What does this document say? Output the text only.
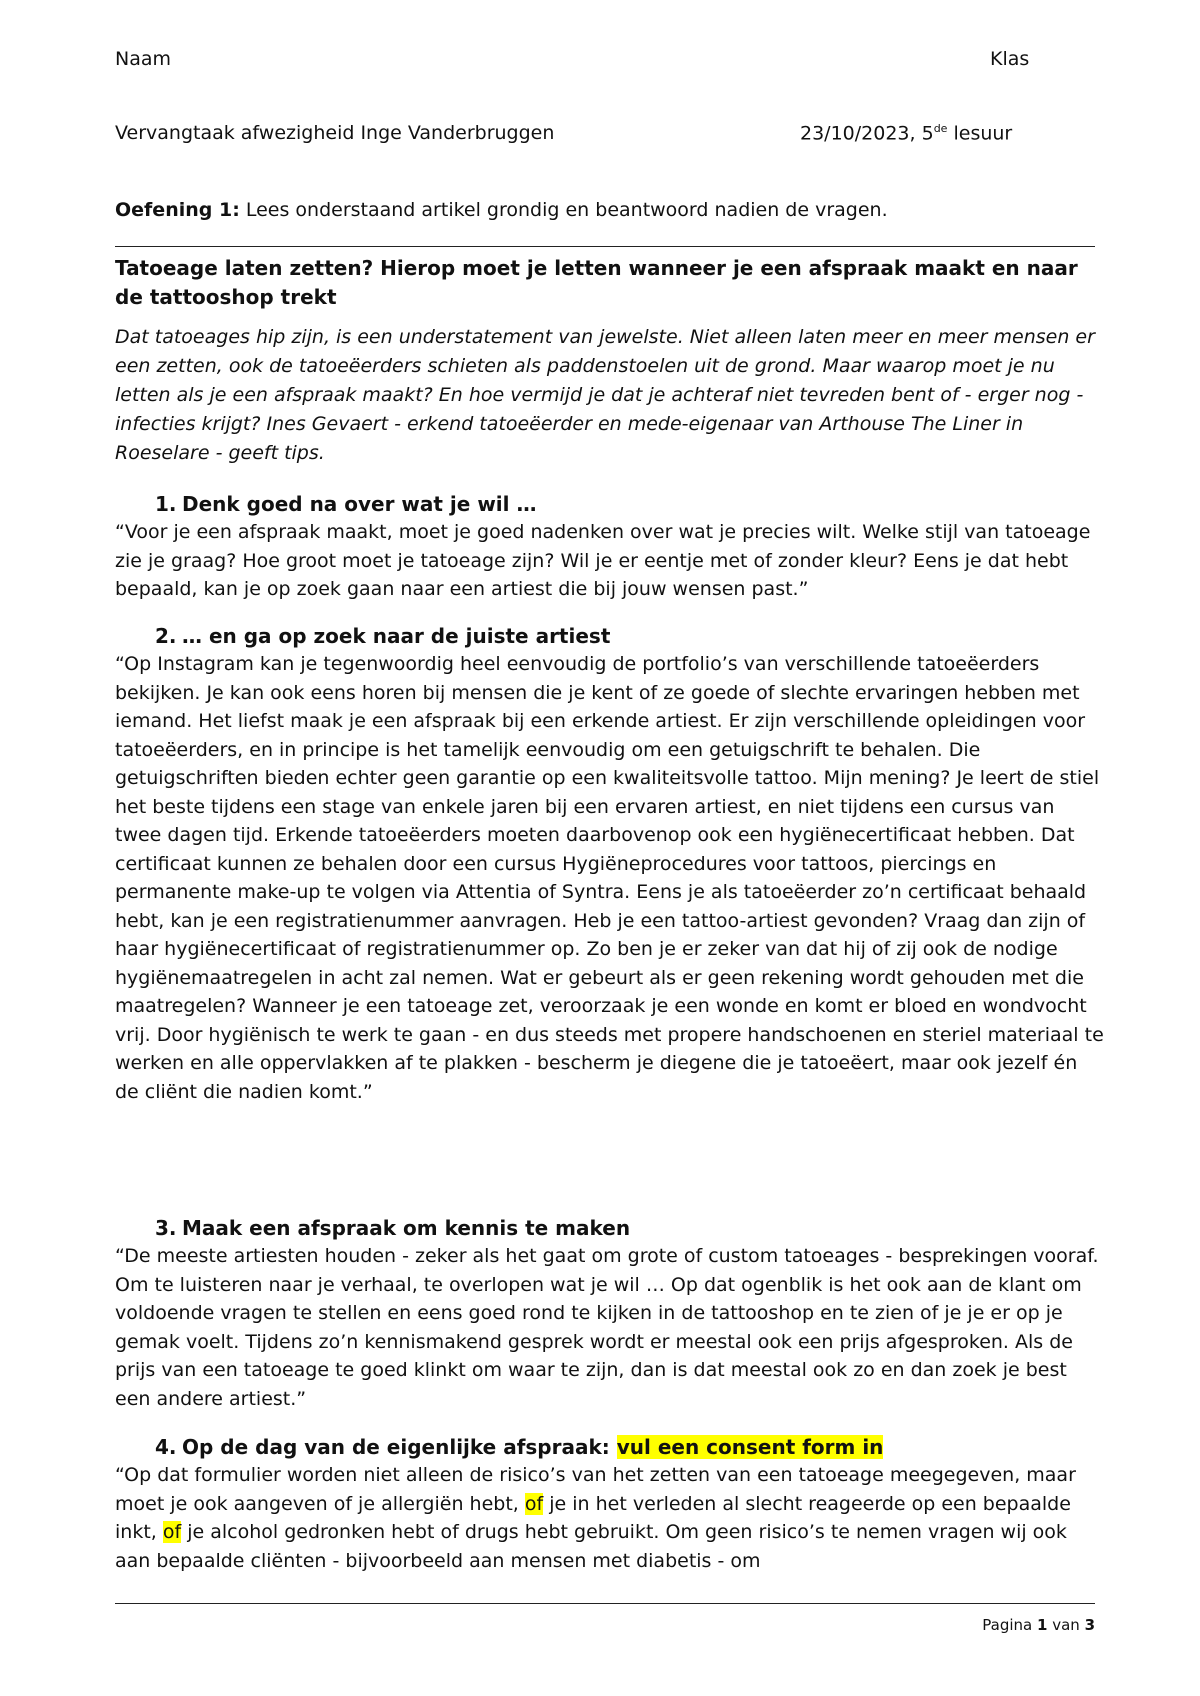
Naam	Klas
Vervangtaak afwezigheid Inge Vanderbruggen	23/10/2023, 5de lesuur
Oefening 1: Lees onderstaand artikel grondig en beantwoord nadien de vragen.
Tatoeage laten zetten? Hierop moet je letten wanneer je een afspraak maakt en naar de tattooshop trekt
Dat tatoeages hip zijn, is een understatement van jewelste. Niet alleen laten meer en meer mensen er een zetten, ook de tatoeëerders schieten als paddenstoelen uit de grond. Maar waarop moet je nu letten als je een afspraak maakt? En hoe vermijd je dat je achteraf niet tevreden bent of - erger nog - infecties krijgt? Ines Gevaert - erkend tatoeëerder en mede-eigenaar van Arthouse The Liner in Roeselare - geeft tips.
1. Denk goed na over wat je wil …

“Voor je een afspraak maakt, moet je goed nadenken over wat je precies wilt. Welke stijl van tatoeage zie je graag? Hoe groot moet je tatoeage zijn? Wil je er eentje met of zonder kleur? Eens je dat hebt bepaald, kan je op zoek gaan naar een artiest die bij jouw wensen past.”

2. … en ga op zoek naar de juiste artiest

“Op Instagram kan je tegenwoordig heel eenvoudig de portfolio’s van verschillende tatoeëerders bekijken. Je kan ook eens horen bij mensen die je kent of ze goede of slechte ervaringen hebben met iemand. Het liefst maak je een afspraak bij een erkende artiest. Er zijn verschillende opleidingen voor tatoeëerders, en in principe is het tamelijk eenvoudig om een getuigschrift te behalen. Die getuigschriften bieden echter geen garantie op een kwaliteitsvolle tattoo. Mijn mening? Je leert de stiel het beste tijdens een stage van enkele jaren bij een ervaren artiest, en niet tijdens een cursus van twee dagen tijd. Erkende tatoeëerders moeten daarbovenop ook een hygiënecertificaat hebben. Dat certificaat kunnen ze behalen door een cursus Hygiëneprocedures voor tattoos, piercings en permanente make-up te volgen via Attentia of Syntra. Eens je als tatoeëerder zo’n certificaat behaald hebt, kan je een registratienummer aanvragen. Heb je een tattoo-artiest gevonden? Vraag dan zijn of haar hygiënecertificaat of registratienummer op. Zo ben je er zeker van dat hij of zij ook de nodige hygiënemaatregelen in acht zal nemen. Wat er gebeurt als er geen rekening wordt gehouden met die maatregelen? Wanneer je een tatoeage zet, veroorzaak je een wonde en komt er bloed en wondvocht vrij. Door hygiënisch te werk te gaan - en dus steeds met propere handschoenen en steriel materiaal te werken en alle oppervlakken af te plakken - bescherm je diegene die je tatoeëert, maar ook jezelf én de cliënt die nadien komt.”

3. Maak een afspraak om kennis te maken

“De meeste artiesten houden - zeker als het gaat om grote of custom tatoeages - besprekingen vooraf. Om te luisteren naar je verhaal, te overlopen wat je wil … Op dat ogenblik is het ook aan de klant om voldoende vragen te stellen en eens goed rond te kijken in de tattooshop en te zien of je je er op je gemak voelt. Tijdens zo’n kennismakend gesprek wordt er meestal ook een prijs afgesproken. Als de prijs van een tatoeage te goed klinkt om waar te zijn, dan is dat meestal ook zo en dan zoek je best een andere artiest.”

4. Op de dag van de eigenlijke afspraak: vul een consent form in

“Op dat formulier worden niet alleen de risico’s van het zetten van een tatoeage meegegeven, maar moet je ook aangeven of je allergiën hebt, of je in het verleden al slecht reageerde op een bepaalde inkt, of je alcohol gedronken hebt of drugs hebt gebruikt. Om geen risico’s te nemen vragen wij ook aan bepaalde cliënten - bijvoorbeeld aan mensen met diabetis - om

Pagina 1 van 3
